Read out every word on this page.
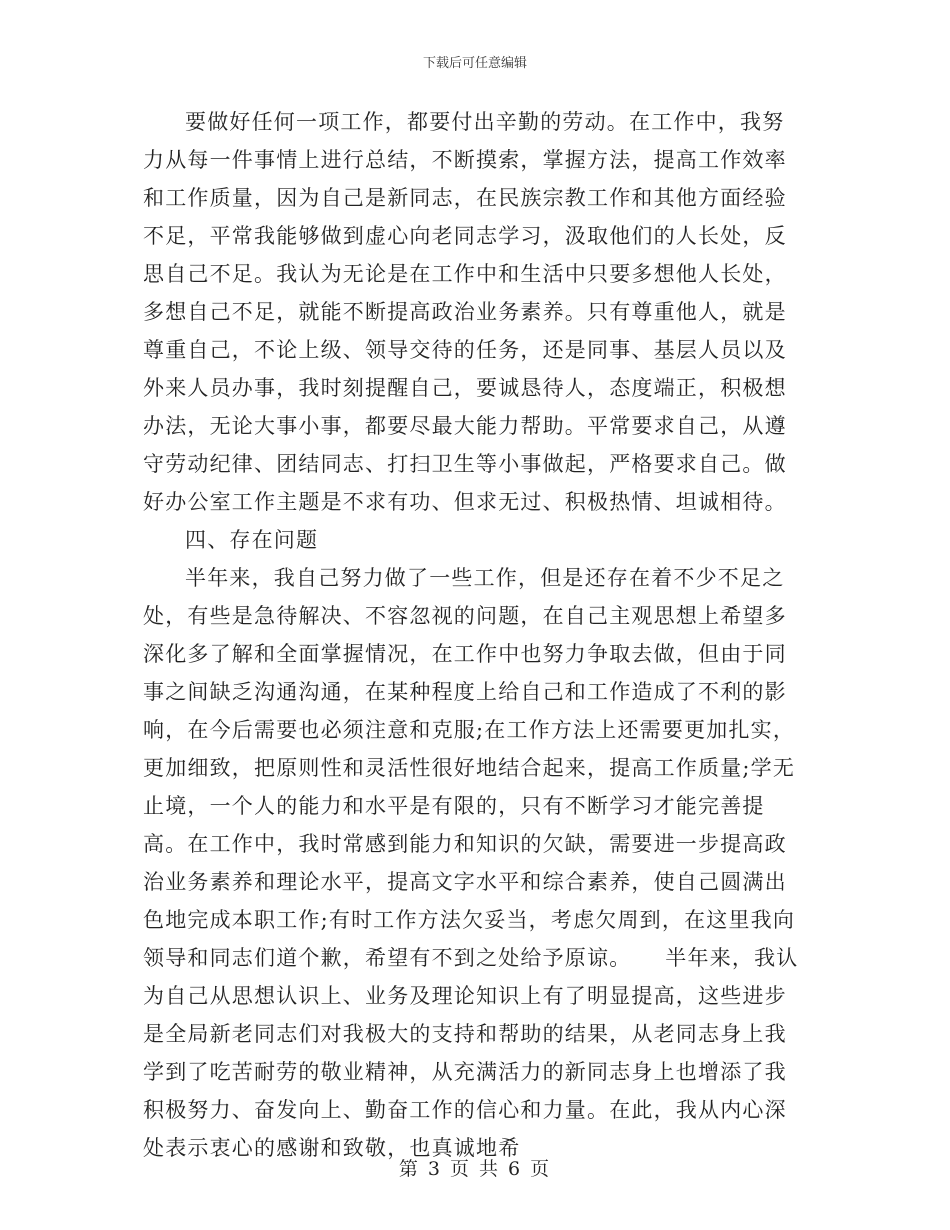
下载后可任意编辑

要做好任何一项工作，都要付出辛勤的劳动。在工作中，我努力从每一件事情上进行总结，不断摸索，掌握方法，提高工作效率和工作质量，因为自己是新同志，在民族宗教工作和其他方面经验不足，平常我能够做到虚心向老同志学习，汲取他们的人长处，反思自己不足。我认为无论是在工作中和生活中只要多想他人长处，多想自己不足，就能不断提高政治业务素养。只有尊重他人，就是尊重自己，不论上级、领导交待的任务，还是同事、基层人员以及外来人员办事，我时刻提醒自己，要诚恳待人，态度端正，积极想办法，无论大事小事，都要尽最大能力帮助。平常要求自己，从遵守劳动纪律、团结同志、打扫卫生等小事做起，严格要求自己。做好办公室工作主题是不求有功、但求无过、积极热情、坦诚相待。

四、存在问题

半年来，我自己努力做了一些工作，但是还存在着不少不足之处，有些是急待解决、不容忽视的问题，在自己主观思想上希望多深化多了解和全面掌握情况，在工作中也努力争取去做，但由于同事之间缺乏沟通沟通，在某种程度上给自己和工作造成了不利的影响，在今后需要也必须注意和克服;在工作方法上还需要更加扎实，更加细致，把原则性和灵活性很好地结合起来，提高工作质量;学无止境，一个人的能力和水平是有限的，只有不断学习才能完善提高。在工作中，我时常感到能力和知识的欠缺，需要进一步提高政治业务素养和理论水平，提高文字水平和综合素养，使自己圆满出色地完成本职工作;有时工作方法欠妥当，考虑欠周到，在这里我向领导和同志们道个歉，希望有不到之处给予原谅。　　半年来，我认为自己从思想认识上、业务及理论知识上有了明显提高，这些进步是全局新老同志们对我极大的支持和帮助的结果，从老同志身上我学到了吃苦耐劳的敬业精神，从充满活力的新同志身上也增添了我积极努力、奋发向上、勤奋工作的信心和力量。在此，我从内心深处表示衷心的感谢和致敬，也真诚地希

第 3 页 共 6 页
